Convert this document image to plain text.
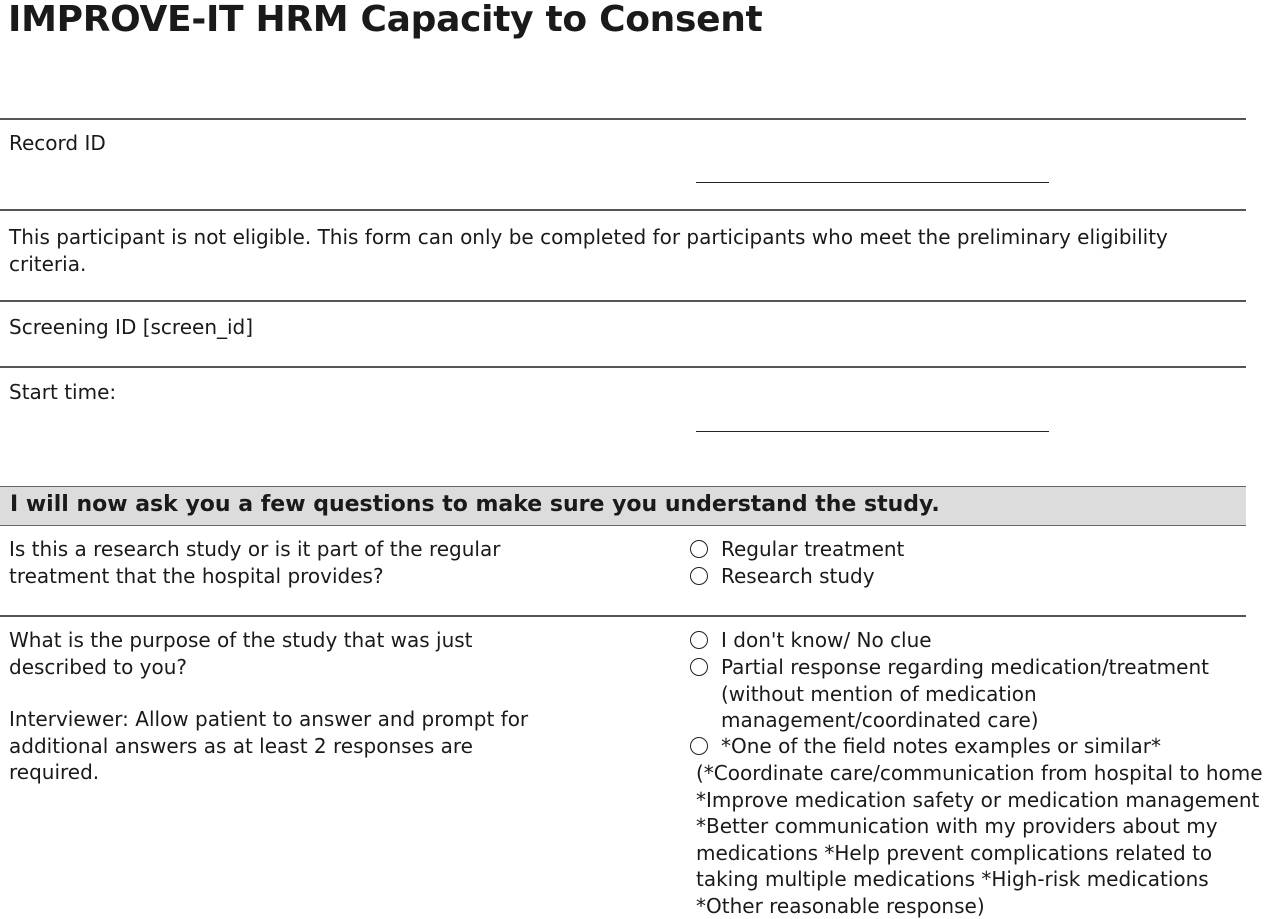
IMPROVE-IT HRM Capacity to Consent
Record ID
This participant is not eligible. This form can only be completed for participants who meet the preliminary eligibility criteria.
Screening ID [screen_id]
Start time:
I will now ask you a few questions to make sure you understand the study.
Is this a research study or is it part of the regular treatment that the hospital provides?
Regular treatment
Research study
What is the purpose of the study that was just described to you?
Interviewer: Allow patient to answer and prompt for additional answers as at least 2 responses are required.
I don't know/ No clue
Partial response regarding medication/treatment (without mention of medication management/coordinated care)
*One of the field notes examples or similar*
(*Coordinate care/communication from hospital to home *Improve medication safety or medication management *Better communication with my providers about my medications *Help prevent complications related to taking multiple medications *High-risk medications *Other reasonable response)
